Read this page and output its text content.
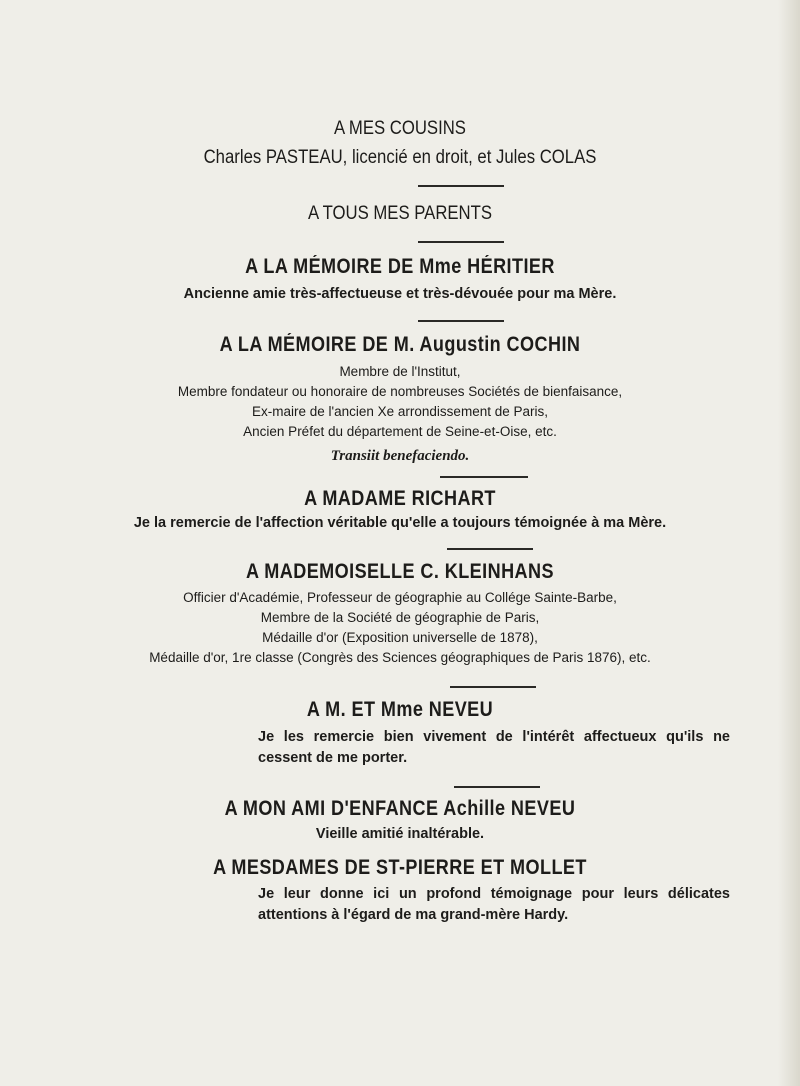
A MES COUSINS
Charles PASTEAU, licencié en droit, et Jules COLAS
A TOUS MES PARENTS
A LA MÉMOIRE DE Mme HÉRITIER
Ancienne amie très-affectueuse et très-dévouée pour ma Mère.
A LA MÉMOIRE DE M. Augustin COCHIN
Membre de l'Institut,
Membre fondateur ou honoraire de nombreuses Sociétés de bienfaisance,
Ex-maire de l'ancien Xe arrondissement de Paris,
Ancien Préfet du département de Seine-et-Oise, etc.
Transiit benefaciendo.
A MADAME RICHART
Je la remercie de l'affection véritable qu'elle a toujours témoignée à ma Mère.
A MADEMOISELLE C. KLEINHANS
Officier d'Académie, Professeur de géographie au Collége Sainte-Barbe,
Membre de la Société de géographie de Paris,
Médaille d'or (Exposition universelle de 1878),
Médaille d'or, 1re classe (Congrès des Sciences géographiques de Paris 1876), etc.
A M. ET Mme NEVEU
Je les remercie bien vivement de l'intérêt affectueux qu'ils ne cessent de me porter.
A MON AMI D'ENFANCE Achille NEVEU
Vieille amitié inaltérable.
A MESDAMES DE ST-PIERRE ET MOLLET
Je leur donne ici un profond témoignage pour leurs délicates attentions à l'égard de ma grand-mère Hardy.
